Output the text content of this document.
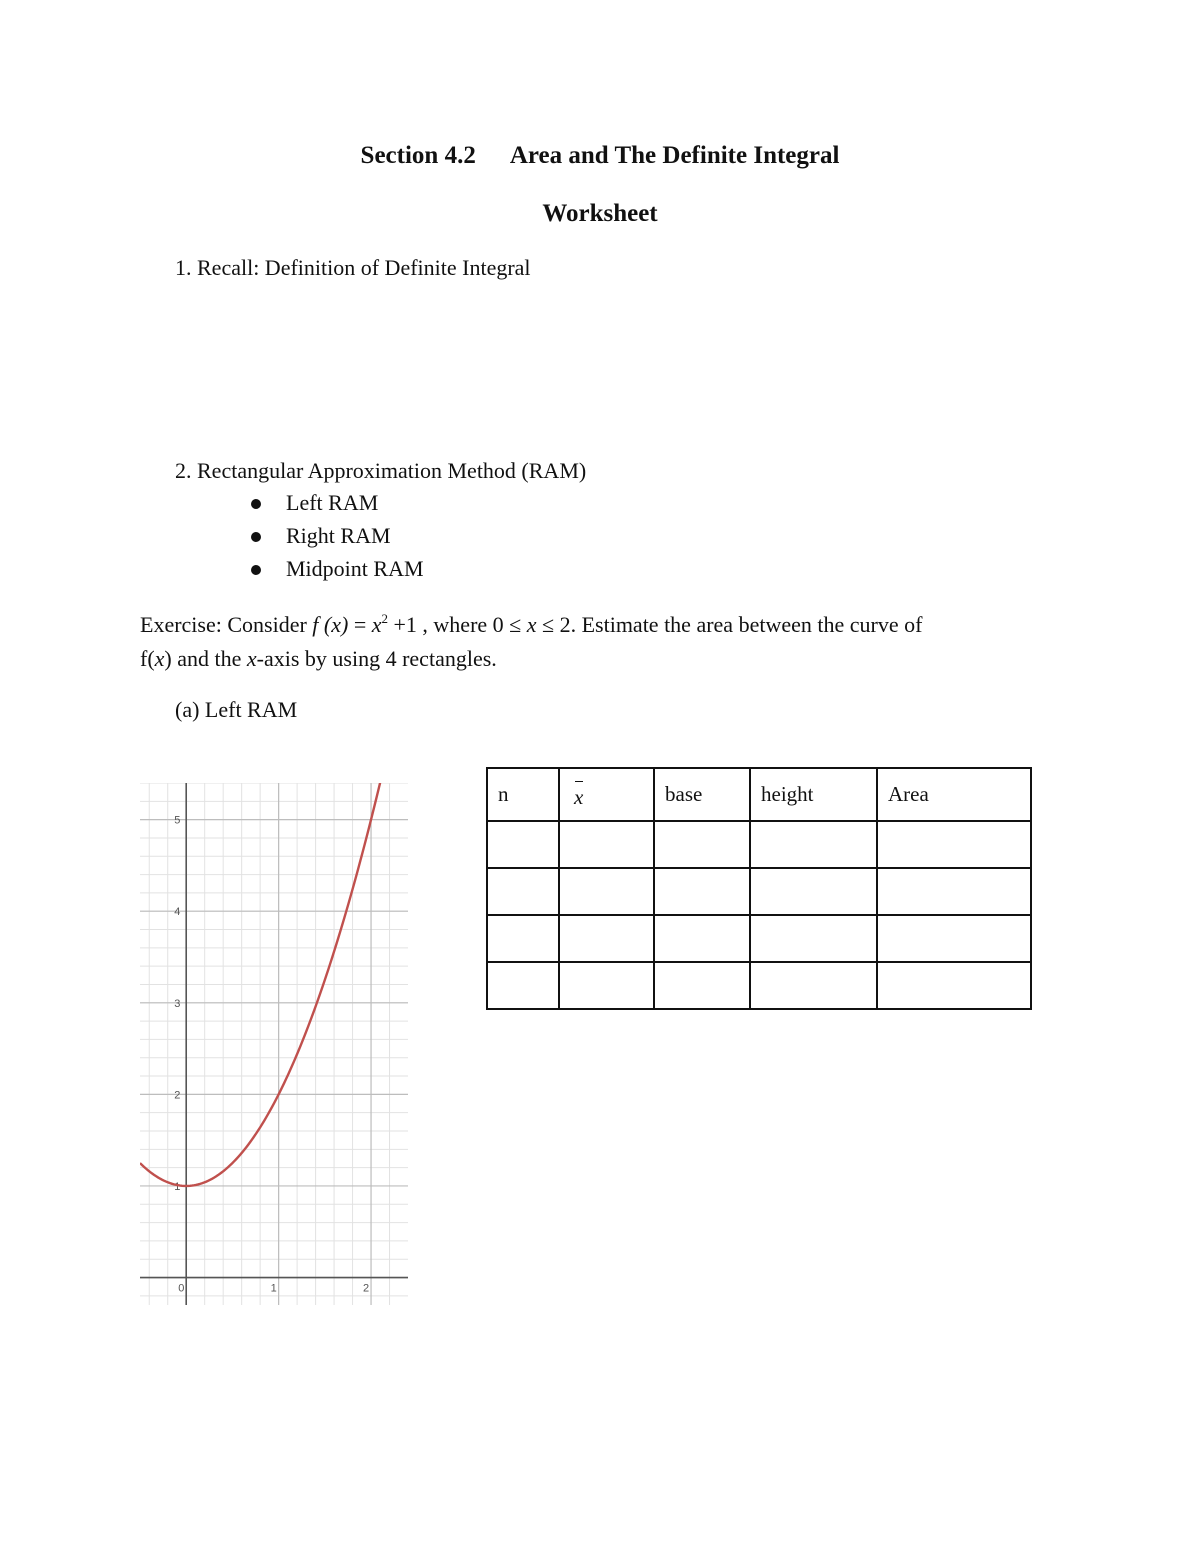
Section 4.2 Area and The Definite Integral
Worksheet
1. Recall: Definition of Definite Integral
2. Rectangular Approximation Method (RAM)
Left RAM
Right RAM
Midpoint RAM
Exercise: Consider f $(x) = x^2 +1$ , where 0 ≤ x ≤ 2. Estimate the area between the curve of
f(x) and the x-axis by using 4 rectangles.
(a) Left RAM
n	x	base	height	Area

0	1	2
1
2
3
4
5
